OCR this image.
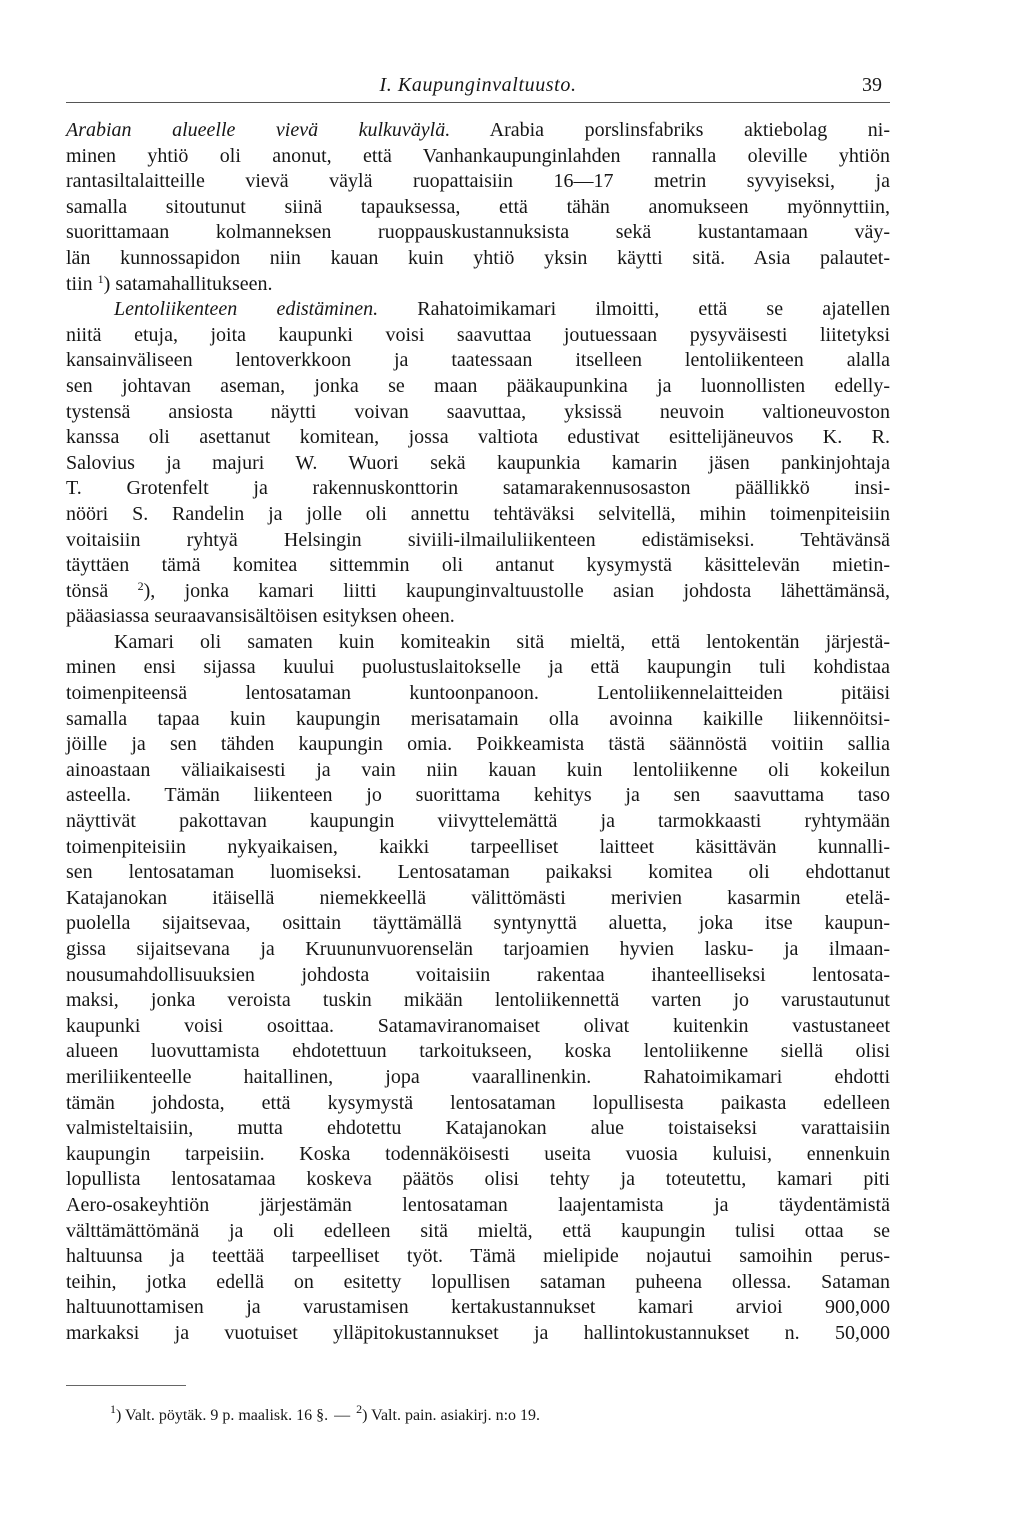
I. Kaupunginvaltuusto.	39
Arabian alueelle vievä kulkuväylä. Arabia porslinsfabriks aktiebolag ni-
minen yhtiö oli anonut, että Vanhankaupunginlahden rannalla oleville yhtiön
rantasiltalaitteille vievä väylä ruopattaisiin 16—17 metrin syvyiseksi, ja
samalla sitoutunut siinä tapauksessa, että tähän anomukseen myönnyttiin,
suorittamaan kolmanneksen ruoppauskustannuksista sekä kustantamaan väy-
län kunnossapidon niin kauan kuin yhtiö yksin käytti sitä. Asia palautet-
tiin $^1$) satamahallitukseen.
Lentoliikenteen edistäminen. Rahatoimikamari ilmoitti, että se ajatellen
niitä etuja, joita kaupunki voisi saavuttaa joutuessaan pysyväisesti liitetyksi
kansainväliseen lentoverkkoon ja taatessaan itselleen lentoliikenteen alalla
sen johtavan aseman, jonka se maan pääkaupunkina ja luonnollisten edelly-
tystensä ansiosta näytti voivan saavuttaa, yksissä neuvoin valtioneuvoston
kanssa oli asettanut komitean, jossa valtiota edustivat esittelijäneuvos K. R.
Salovius ja majuri W. Wuori sekä kaupunkia kamarin jäsen pankinjohtaja
T. Grotenfelt ja rakennuskonttorin satamarakennusosaston päällikkö insi-
nööri S. Randelin ja jolle oli annettu tehtäväksi selvitellä, mihin toimenpiteisiin
voitaisiin ryhtyä Helsingin siviili-ilmailuliikenteen edistämiseksi. Tehtävänsä
täyttäen tämä komitea sittemmin oli antanut kysymystä käsittelevän mietin-
tönsä $^2$), jonka kamari liitti kaupunginvaltuustolle asian johdosta lähettämänsä,
pääasiassa seuraavansisältöisen esityksen oheen.
Kamari oli samaten kuin komiteakin sitä mieltä, että lentokentän järjestä-
minen ensi sijassa kuului puolustuslaitokselle ja että kaupungin tuli kohdistaa
toimenpiteensä lentosataman kuntoonpanoon. Lentoliikennelaitteiden pitäisi
samalla tapaa kuin kaupungin merisatamain olla avoinna kaikille liikennöitsi-
jöille ja sen tähden kaupungin omia. Poikkeamista tästä säännöstä voitiin sallia
ainoastaan väliaikaisesti ja vain niin kauan kuin lentoliikenne oli kokeilun
asteella. Tämän liikenteen jo suorittama kehitys ja sen saavuttama taso
näyttivät pakottavan kaupungin viivyttelemättä ja tarmokkaasti ryhtymään
toimenpiteisiin nykyaikaisen, kaikki tarpeelliset laitteet käsittävän kunnalli-
sen lentosataman luomiseksi. Lentosataman paikaksi komitea oli ehdottanut
Katajanokan itäisellä niemekkeellä välittömästi merivien kasarmin etelä-
puolella sijaitsevaa, osittain täyttämällä syntynyttä aluetta, joka itse kaupun-
gissa sijaitsevana ja Kruununvuorenselän tarjoamien hyvien lasku- ja ilmaan-
nousumahdollisuuksien johdosta voitaisiin rakentaa ihanteelliseksi lentosata-
maksi, jonka veroista tuskin mikään lentoliikennettä varten jo varustautunut
kaupunki voisi osoittaa. Satamaviranomaiset olivat kuitenkin vastustaneet
alueen luovuttamista ehdotettuun tarkoitukseen, koska lentoliikenne siellä olisi
meriliikenteelle haitallinen, jopa vaarallinenkin. Rahatoimikamari ehdotti
tämän johdosta, että kysymystä lentosataman lopullisesta paikasta edelleen
valmisteltaisiin, mutta ehdotettu Katajanokan alue toistaiseksi varattaisiin
kaupungin tarpeisiin. Koska todennäköisesti useita vuosia kuluisi, ennenkuin
lopullista lentosatamaa koskeva päätös olisi tehty ja toteutettu, kamari piti
Aero-osakeyhtiön järjestämän lentosataman laajentamista ja täydentämistä
välttämättömänä ja oli edelleen sitä mieltä, että kaupungin tulisi ottaa se
haltuunsa ja teettää tarpeelliset työt. Tämä mielipide nojautui samoihin perus-
teihin, jotka edellä on esitetty lopullisen sataman puheena ollessa. Sataman
haltuunottamisen ja varustamisen kertakustannukset kamari arvioi 900,000
markaksi ja vuotuiset ylläpitokustannukset ja hallintokustannukset n. 50,000
$^1$) Valt. pöytäk. 9 p. maalisk. 16 §. — $^2$) Valt. pain. asiakirj. n:o 19.
